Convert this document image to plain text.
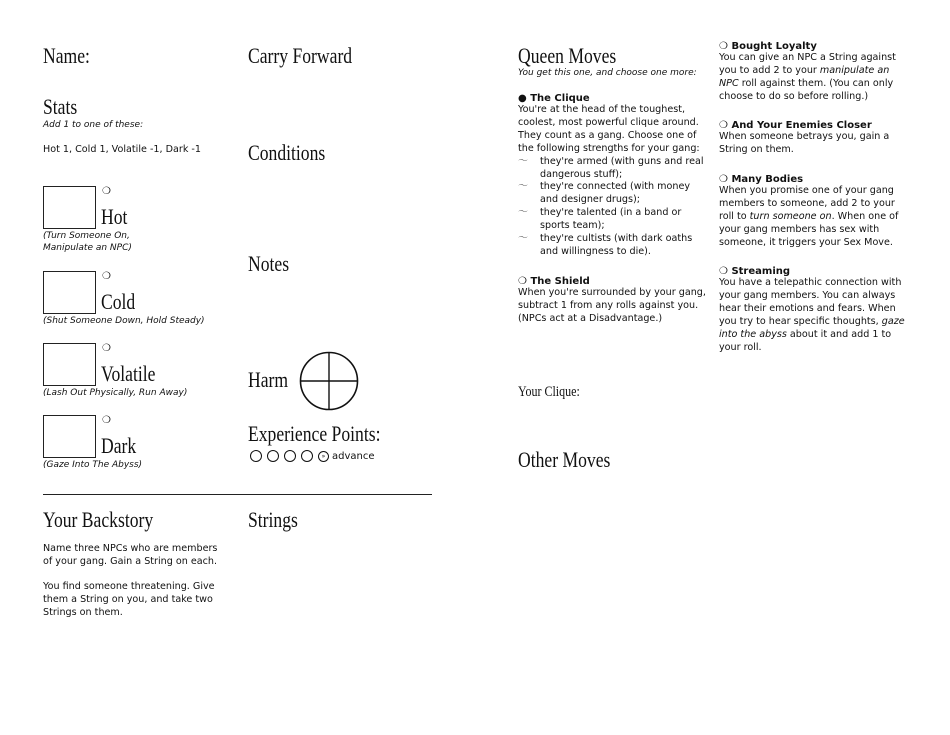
Name:
Stats
Add 1 to one of these:
Hot 1, Cold 1, Volatile -1, Dark -1
❍
Hot
(Turn Someone On,
Manipulate an NPC)
❍
Cold
(Shut Someone Down, Hold Steady)
❍
Volatile
(Lash Out Physically, Run Away)
❍
Dark
(Gaze Into The Abyss)
Your Backstory
Name three NPCs who are members of your gang. Gain a String on each.
You find someone threatening. Give them a String on you, and take two Strings on them.
Carry Forward
Conditions
Notes
Harm
Experience Points:
» advance
Strings
Queen Moves
You get this one, and choose one more:
● The Clique
You're at the head of the toughest, coolest, most powerful clique around. They count as a gang. Choose one of the following strengths for your gang:
〜 they're armed (with guns and real dangerous stuff);
〜 they're connected (with money and designer drugs);
〜 they're talented (in a band or sports team);
〜 they're cultists (with dark oaths and willingness to die).
❍ The Shield
When you're surrounded by your gang, subtract 1 from any rolls against you. (NPCs act at a Disadvantage.)
Your Clique:
Other Moves
❍ Bought Loyalty
You can give an NPC a String against you to add 2 to your manipulate an NPC roll against them. (You can only choose to do so before rolling.)
❍ And Your Enemies Closer
When someone betrays you, gain a String on them.
❍ Many Bodies
When you promise one of your gang members to someone, add 2 to your roll to turn someone on. When one of your gang members has sex with someone, it triggers your Sex Move.
❍ Streaming
You have a telepathic connection with your gang members. You can always hear their emotions and fears. When you try to hear specific thoughts, gaze into the abyss about it and add 1 to your roll.
